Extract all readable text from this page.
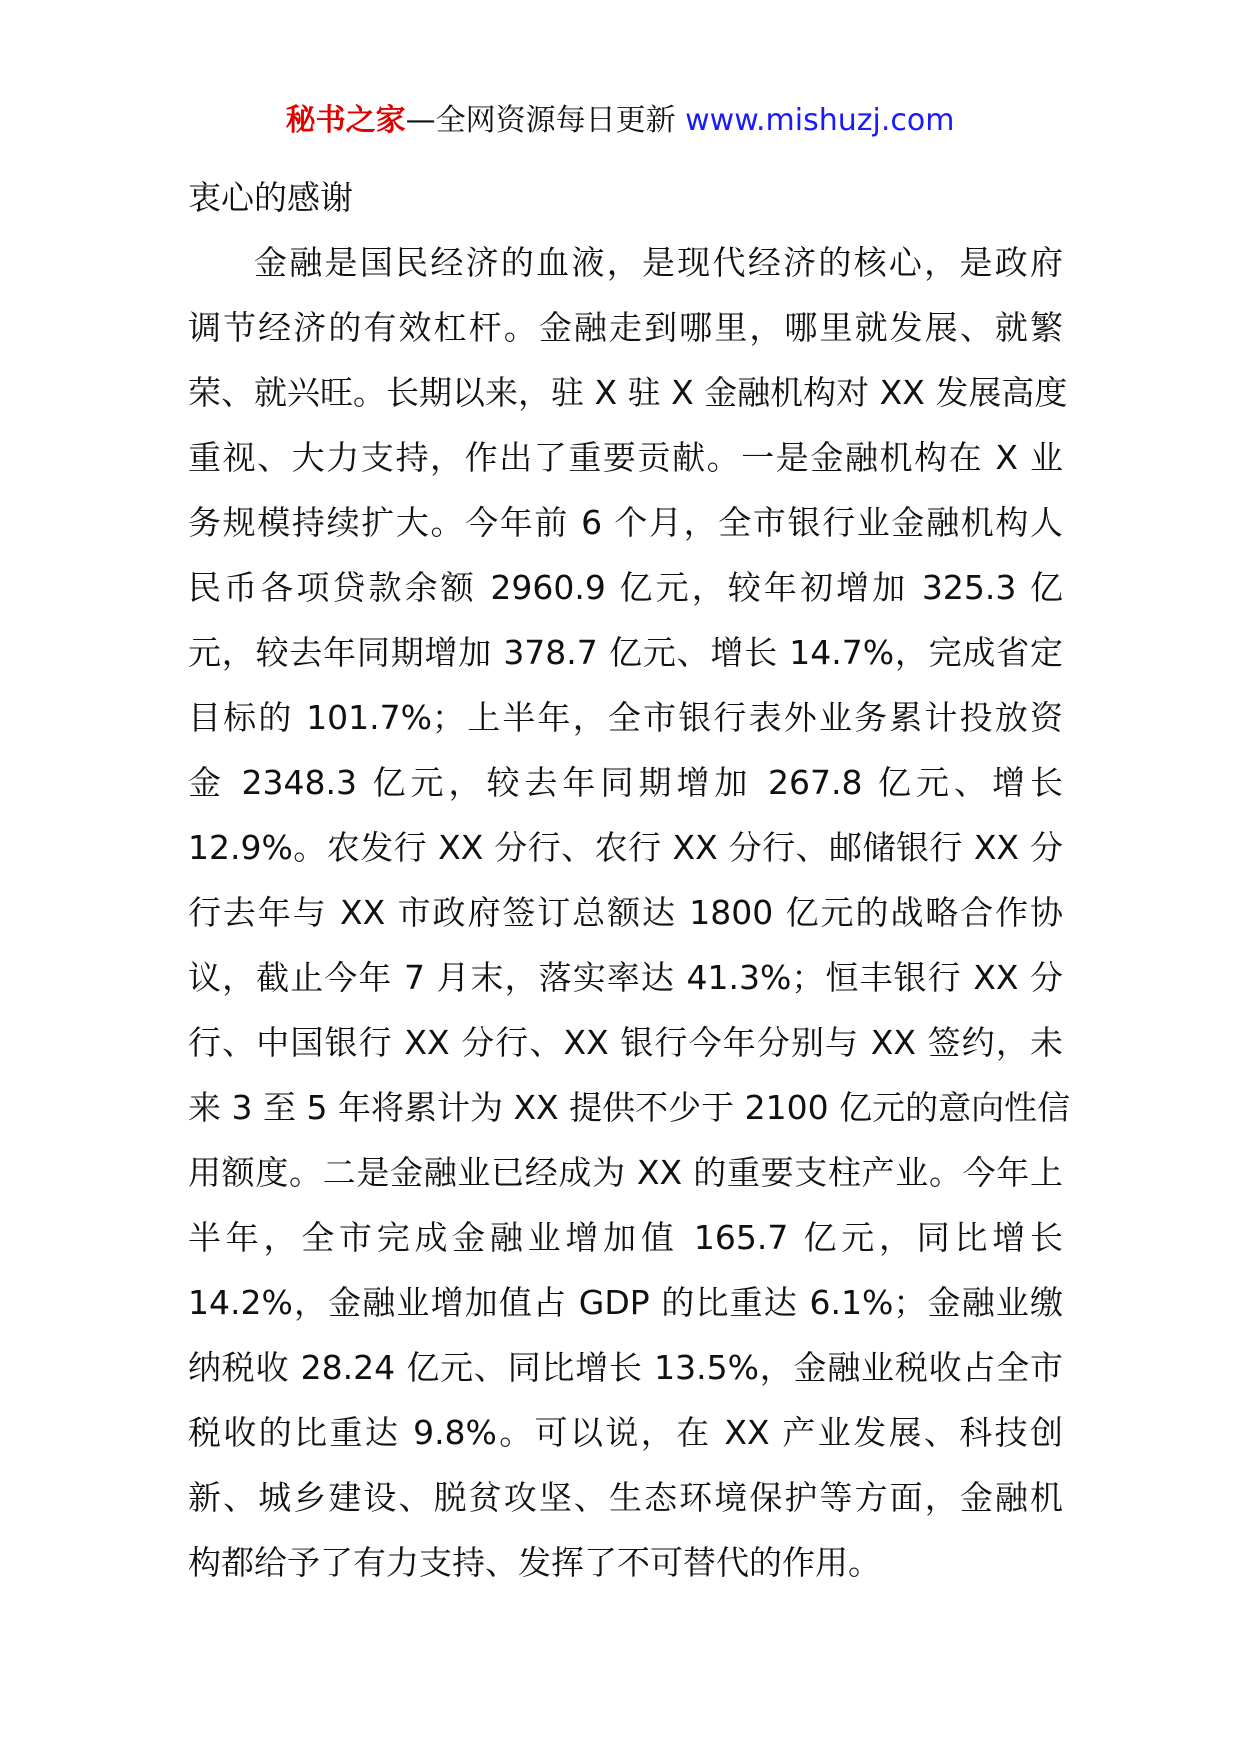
秘书之家—全网资源每日更新 www.mishuzj.com
衷心的感谢
金融是国民经济的血液，是现代经济的核心，是政府
调节经济的有效杠杆。金融走到哪里，哪里就发展、就繁
荣、就兴旺。长期以来，驻 X 驻 X 金融机构对 XX 发展高度
重视、大力支持，作出了重要贡献。一是金融机构在 X 业
务规模持续扩大。今年前 6 个月，全市银行业金融机构人
民币各项贷款余额 2960.9 亿元，较年初增加 325.3 亿
元，较去年同期增加 378.7 亿元、增长 14.7%，完成省定
目标的 101.7%；上半年，全市银行表外业务累计投放资
金 2348.3 亿元，较去年同期增加 267.8 亿元、增长
12.9%。农发行 XX 分行、农行 XX 分行、邮储银行 XX 分
行去年与 XX 市政府签订总额达 1800 亿元的战略合作协
议，截止今年 7 月末，落实率达 41.3%；恒丰银行 XX 分
行、中国银行 XX 分行、XX 银行今年分别与 XX 签约，未
来 3 至 5 年将累计为 XX 提供不少于 2100 亿元的意向性信
用额度。二是金融业已经成为 XX 的重要支柱产业。今年上
半年，全市完成金融业增加值 165.7 亿元，同比增长
14.2%，金融业增加值占 GDP 的比重达 6.1%；金融业缴
纳税收 28.24 亿元、同比增长 13.5%，金融业税收占全市
税收的比重达 9.8%。可以说，在 XX 产业发展、科技创
新、城乡建设、脱贫攻坚、生态环境保护等方面，金融机
构都给予了有力支持、发挥了不可替代的作用。
